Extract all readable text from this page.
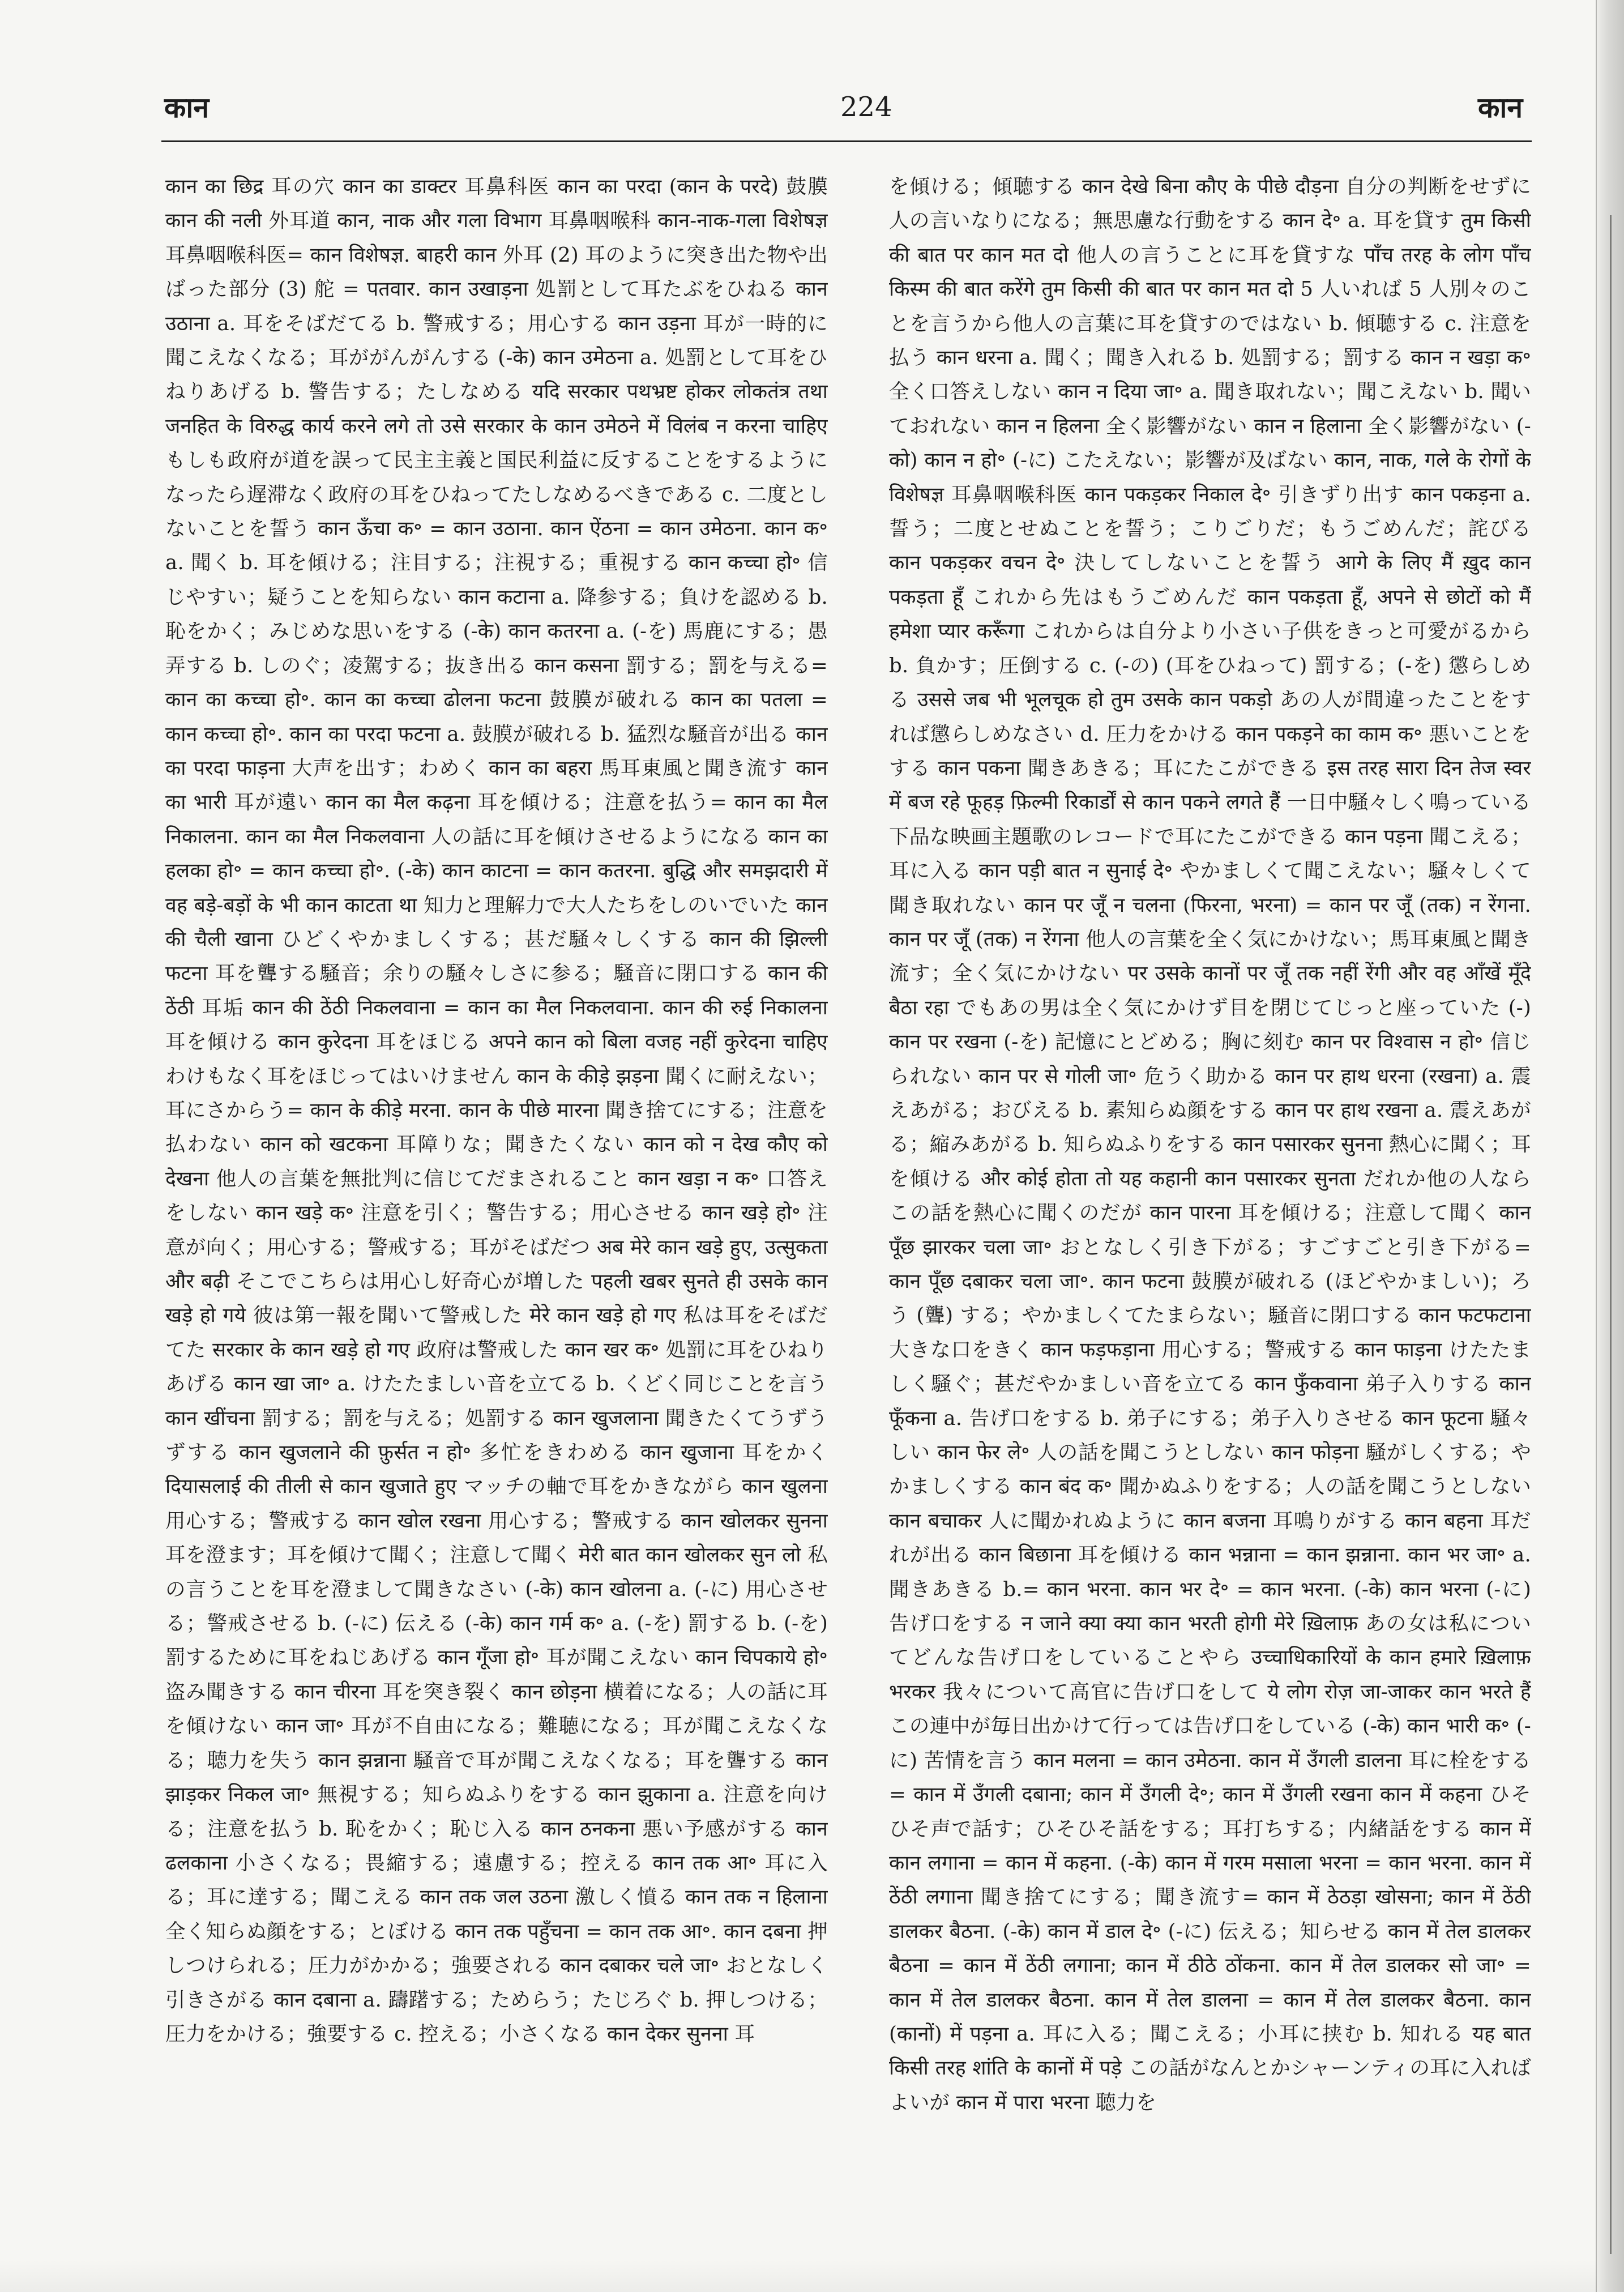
कान	224	कान

कान का छिद्र 耳の穴 कान का डाक्टर 耳鼻科医 कान का परदा (कान के परदे) 鼓膜 कान की नली 外耳道 कान, नाक और गला विभाग 耳鼻咽喉科 कान-नाक-गला विशेषज्ञ 耳鼻咽喉科医= कान विशेषज्ञ. बाहरी कान 外耳 (2) 耳のように突き出た物や出ばった部分 (3) 舵 = पतवार. कान उखाड़ना 処罰として耳たぶをひねる कान उठाना a. 耳をそばだてる b. 警戒する；用心する कान उड़ना 耳が一時的に聞こえなくなる；耳ががんがんする (-के) कान उमेठना a. 処罰として耳をひねりあげる b. 警告する；たしなめる यदि सरकार पथभ्रष्ट होकर लोकतंत्र तथा जनहित के विरुद्ध कार्य करने लगे तो उसे सरकार के कान उमेठने में विलंब न करना चाहिए もしも政府が道を誤って民主主義と国民利益に反することをするようになったら遅滞なく政府の耳をひねってたしなめるべきである c. 二度としないことを誓う कान ऊँचा क॰ = कान उठाना. कान ऐंठना = कान उमेठना. कान क॰ a. 聞く b. 耳を傾ける；注目する；注視する；重視する कान कच्चा हो॰ 信じやすい；疑うことを知らない कान कटाना a. 降参する；負けを認める b. 恥をかく；みじめな思いをする (-के) कान कतरना a. (-を) 馬鹿にする；愚弄する b. しのぐ；凌駕する；抜き出る कान कसना 罰する；罰を与える= कान का कच्चा हो॰. कान का कच्चा ढोलना फटना 鼓膜が破れる कान का पतला = कान कच्चा हो॰. कान का परदा फटना a. 鼓膜が破れる b. 猛烈な騒音が出る कान का परदा फाड़ना 大声を出す；わめく कान का बहरा 馬耳東風と聞き流す कान का भारी 耳が遠い कान का मैल कढ़ना 耳を傾ける；注意を払う= कान का मैल निकालना. कान का मैल निकलवाना 人の話に耳を傾けさせるようになる कान का हलका हो॰ = कान कच्चा हो॰. (-के) कान काटना = कान कतरना. बुद्धि और समझदारी में वह बड़े-बड़ों के भी कान काटता था 知力と理解力で大人たちをしのいでいた कान की चैली खाना ひどくやかましくする；甚だ騒々しくする कान की झिल्ली फटना 耳を聾する騒音；余りの騒々しさに参る；騒音に閉口する कान की ठेंठी 耳垢 कान की ठेंठी निकलवाना = कान का मैल निकलवाना. कान की रुई निकालना 耳を傾ける कान कुरेदना 耳をほじる अपने कान को बिला वजह नहीं कुरेदना चाहिए わけもなく耳をほじってはいけません कान के कीड़े झड़ना 聞くに耐えない；耳にさからう= कान के कीड़े मरना. कान के पीछे मारना 聞き捨てにする；注意を払わない कान को खटकना 耳障りな；聞きたくない कान को न देख कौए को देखना 他人の言葉を無批判に信じてだまされること कान खड़ा न क॰ 口答えをしない कान खड़े क॰ 注意を引く；警告する；用心させる कान खड़े हो॰ 注意が向く；用心する；警戒する；耳がそばだつ अब मेरे कान खड़े हुए, उत्सुकता और बढ़ी そこでこちらは用心し好奇心が増した पहली खबर सुनते ही उसके कान खड़े हो गये 彼は第一報を聞いて警戒した मेरे कान खड़े हो गए 私は耳をそばだてた सरकार के कान खड़े हो गए 政府は警戒した कान खर क॰ 処罰に耳をひねりあげる कान खा जा॰ a. けたたましい音を立てる b. くどく同じことを言う कान खींचना 罰する；罰を与える；処罰する कान खुजलाना 聞きたくてうずうずする कान खुजलाने की फ़ुर्सत न हो॰ 多忙をきわめる कान खुजाना 耳をかく दियासलाई की तीली से कान खुजाते हुए マッチの軸で耳をかきながら कान खुलना 用心する；警戒する कान खोल रखना 用心する；警戒する कान खोलकर सुनना 耳を澄ます；耳を傾けて聞く；注意して聞く मेरी बात कान खोलकर सुन लो 私の言うことを耳を澄まして聞きなさい (-के) कान खोलना a. (-に) 用心させる；警戒させる b. (-に) 伝える (-के) कान गर्म क॰ a. (-を) 罰する b. (-を) 罰するために耳をねじあげる कान गूँजा हो॰ 耳が聞こえない कान चिपकाये हो॰ 盗み聞きする कान चीरना 耳を突き裂く कान छोड़ना 横着になる；人の話に耳を傾けない कान जा॰ 耳が不自由になる；難聴になる；耳が聞こえなくなる；聴力を失う कान झन्नाना 騒音で耳が聞こえなくなる；耳を聾する कान झाड़कर निकल जा॰ 無視する；知らぬふりをする कान झुकाना a. 注意を向ける；注意を払う b. 恥をかく；恥じ入る कान ठनकना 悪い予感がする कान ढलकाना 小さくなる；畏縮する；遠慮する；控える कान तक आ॰ 耳に入る；耳に達する；聞こえる कान तक जल उठना 激しく憤る कान तक न हिलाना 全く知らぬ顔をする；とぼける कान तक पहुँचना = कान तक आ॰. कान दबना 押しつけられる；圧力がかかる；強要される कान दबाकर चले जा॰ おとなしく引きさがる कान दबाना a. 躊躇する；ためらう；たじろぐ b. 押しつける；圧力をかける；強要する c. 控える；小さくなる कान देकर सुनना 耳

を傾ける；傾聴する कान देखे बिना कौए के पीछे दौड़ना 自分の判断をせずに人の言いなりになる；無思慮な行動をする कान दे॰ a. 耳を貸す तुम किसी की बात पर कान मत दो 他人の言うことに耳を貸すな पाँच तरह के लोग पाँच किस्म की बात करेंगे तुम किसी की बात पर कान मत दो 5 人いれば 5 人別々のことを言うから他人の言葉に耳を貸すのではない b. 傾聴する c. 注意を払う कान धरना a. 聞く；聞き入れる b. 処罰する；罰する कान न खड़ा क॰ 全く口答えしない कान न दिया जा॰ a. 聞き取れない；聞こえない b. 聞いておれない कान न हिलना 全く影響がない कान न हिलाना 全く影響がない (-को) कान न हो॰ (-に) こたえない；影響が及ばない कान, नाक, गले के रोगों के विशेषज्ञ 耳鼻咽喉科医 कान पकड़कर निकाल दे॰ 引きずり出す कान पकड़ना a. 誓う；二度とせぬことを誓う；こりごりだ；もうごめんだ；詫びる कान पकड़कर वचन दे॰ 決してしないことを誓う आगे के लिए मैं ख़ुद कान पकड़ता हूँ これから先はもうごめんだ कान पकड़ता हूँ, अपने से छोटों को मैं हमेशा प्यार करूँगा これからは自分より小さい子供をきっと可愛がるから b. 負かす；圧倒する c. (-の) (耳をひねって) 罰する；(-を) 懲らしめる उससे जब भी भूलचूक हो तुम उसके कान पकड़ो あの人が間違ったことをすれば懲らしめなさい d. 圧力をかける कान पकड़ने का काम क॰ 悪いことをする कान पकना 聞きあきる；耳にたこができる इस तरह सारा दिन तेज स्वर में बज रहे फूहड़ फ़िल्मी रिकार्डों से कान पकने लगते हैं 一日中騒々しく鳴っている下品な映画主題歌のレコードで耳にたこができる कान पड़ना 聞こえる；耳に入る कान पड़ी बात न सुनाई दे॰ やかましくて聞こえない；騒々しくて聞き取れない कान पर जूँ न चलना (फिरना, भरना) = कान पर जूँ (तक) न रेंगना. कान पर जूँ (तक) न रेंगना 他人の言葉を全く気にかけない；馬耳東風と聞き流す；全く気にかけない पर उसके कानों पर जूँ तक नहीं रेंगी और वह आँखें मूँदे बैठा रहा でもあの男は全く気にかけず目を閉じてじっと座っていた (-) कान पर रखना (-を) 記憶にとどめる；胸に刻む कान पर विश्वास न हो॰ 信じられない कान पर से गोली जा॰ 危うく助かる कान पर हाथ धरना (रखना) a. 震えあがる；おびえる b. 素知らぬ顔をする कान पर हाथ रखना a. 震えあがる；縮みあがる b. 知らぬふりをする कान पसारकर सुनना 熱心に聞く；耳を傾ける और कोई होता तो यह कहानी कान पसारकर सुनता だれか他の人ならこの話を熱心に聞くのだが कान पारना 耳を傾ける；注意して聞く कान पूँछ झारकर चला जा॰ おとなしく引き下がる；すごすごと引き下がる= कान पूँछ दबाकर चला जा॰. कान फटना 鼓膜が破れる (ほどやかましい)；ろう (聾) する；やかましくてたまらない；騒音に閉口する कान फटफटाना 大きな口をきく कान फड़फड़ाना 用心する；警戒する कान फाड़ना けたたましく騒ぐ；甚だやかましい音を立てる कान फुँकवाना 弟子入りする कान फूँकना a. 告げ口をする b. 弟子にする；弟子入りさせる कान फूटना 騒々しい कान फेर ले॰ 人の話を聞こうとしない कान फोड़ना 騒がしくする；やかましくする कान बंद क॰ 聞かぬふりをする；人の話を聞こうとしない कान बचाकर 人に聞かれぬように कान बजना 耳鳴りがする कान बहना 耳だれが出る कान बिछाना 耳を傾ける कान भन्नाना = कान झन्नाना. कान भर जा॰ a. 聞きあきる b.= कान भरना. कान भर दे॰ = कान भरना. (-के) कान भरना (-に) 告げ口をする न जाने क्या क्या कान भरती होगी मेरे ख़िलाफ़ あの女は私についてどんな告げ口をしていることやら उच्चाधिकारियों के कान हमारे ख़िलाफ़ भरकर 我々について高官に告げ口をして ये लोग रोज़ जा-जाकर कान भरते हैं この連中が毎日出かけて行っては告げ口をしている (-के) कान भारी क॰ (-に) 苦情を言う कान मलना = कान उमेठना. कान में उँगली डालना 耳に栓をする= कान में उँगली दबाना; कान में उँगली दे॰; कान में उँगली रखना कान में कहना ひそひそ声で話す；ひそひそ話をする；耳打ちする；内緒話をする कान में कान लगाना = कान में कहना. (-के) कान में गरम मसाला भरना = कान भरना. कान में ठेंठी लगाना 聞き捨てにする；聞き流す= कान में ठेठड़ा खोसना; कान में ठेंठी डालकर बैठना. (-के) कान में डाल दे॰ (-に) 伝える；知らせる कान में तेल डालकर बैठना = कान में ठेंठी लगाना; कान में ठीठे ठोंकना. कान में तेल डालकर सो जा॰ = कान में तेल डालकर बैठना. कान में तेल डालना = कान में तेल डालकर बैठना. कान (कानों) में पड़ना a. 耳に入る；聞こえる；小耳に挟む b. 知れる यह बात किसी तरह शांति के कानों में पड़े この話がなんとかシャーンティの耳に入ればよいが कान में पारा भरना 聴力を
